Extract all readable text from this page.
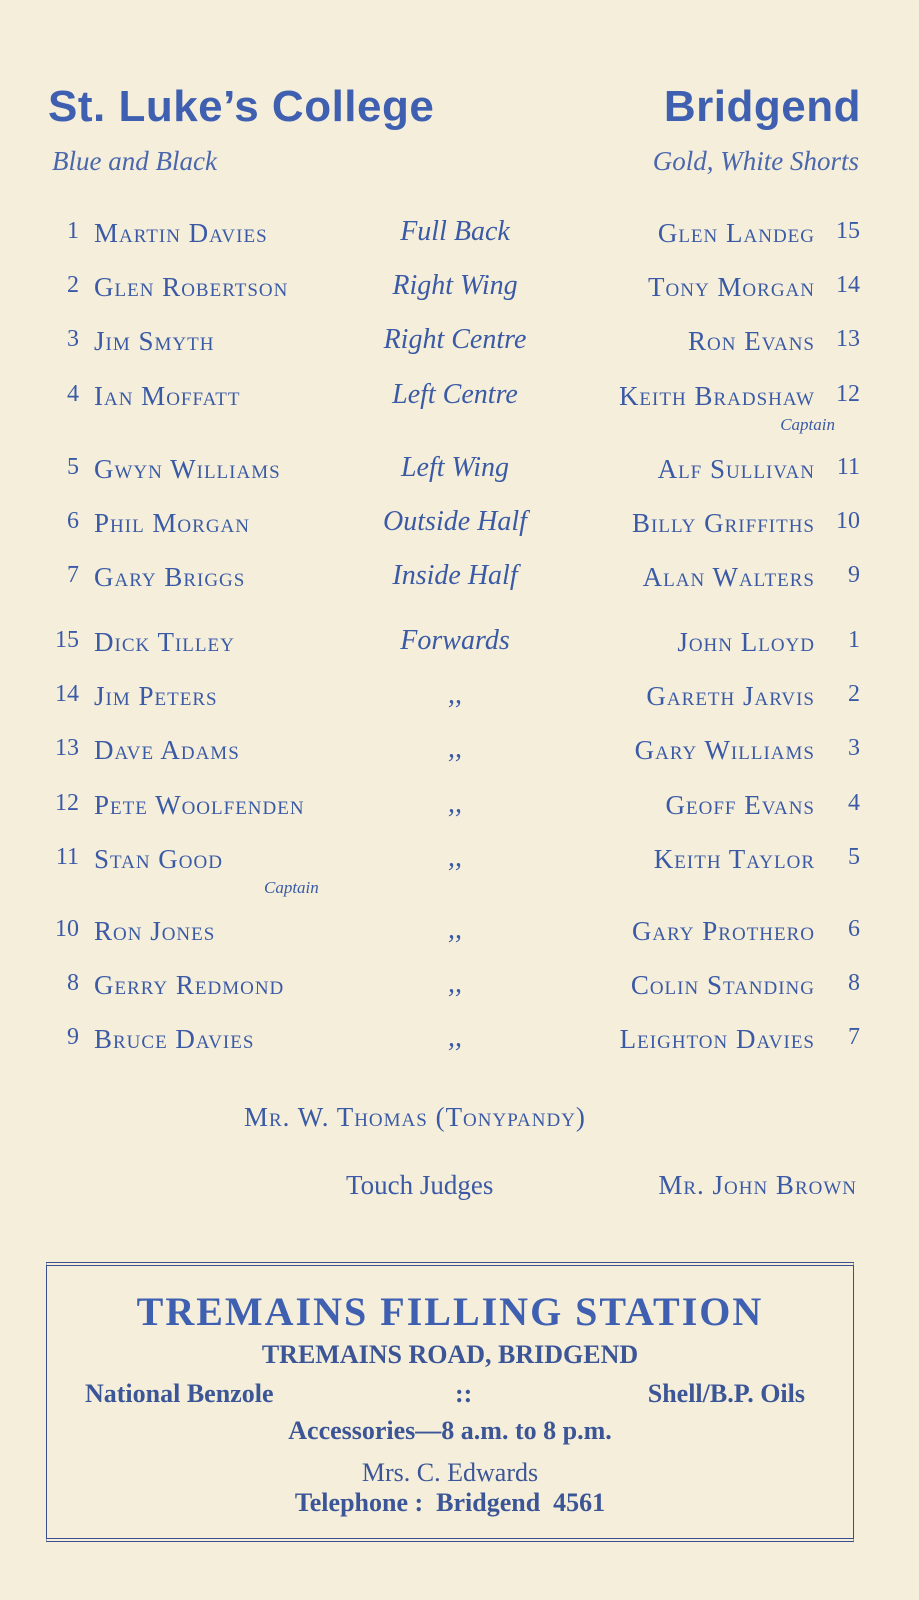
St. Luke’s College	Bridgend
Blue and Black	Gold, White Shorts
1 Martin Davies	Full Back	Glen Landeg 15
2 Glen Robertson	Right Wing	Tony Morgan 14
3 Jim Smyth	Right Centre	Ron Evans 13
4 Ian Moffatt	Left Centre	Keith Bradshaw 12
Captain
5 Gwyn Williams	Left Wing	Alf Sullivan 11
6 Phil Morgan	Outside Half	Billy Griffiths 10
7 Gary Briggs	Inside Half	Alan Walters 9
15 Dick Tilley	Forwards	John Lloyd 1
14 Jim Peters	,,	Gareth Jarvis 2
13 Dave Adams	,,	Gary Williams 3
12 Pete Woolfenden	,,	Geoff Evans 4
11 Stan Good	,,	Keith Taylor 5
Captain
10 Ron Jones	,,	Gary Prothero 6
8 Gerry Redmond	,,	Colin Standing 8
9 Bruce Davies	,,	Leighton Davies 7
Mr. W. Thomas (Tonypandy)
Touch Judges	Mr. John Brown
TREMAINS FILLING STATION
TREMAINS ROAD, BRIDGEND
National Benzole	::	Shell/B.P. Oils
Accessories—8 a.m. to 8 p.m.
Mrs. C. Edwards
Telephone :  Bridgend  4561
